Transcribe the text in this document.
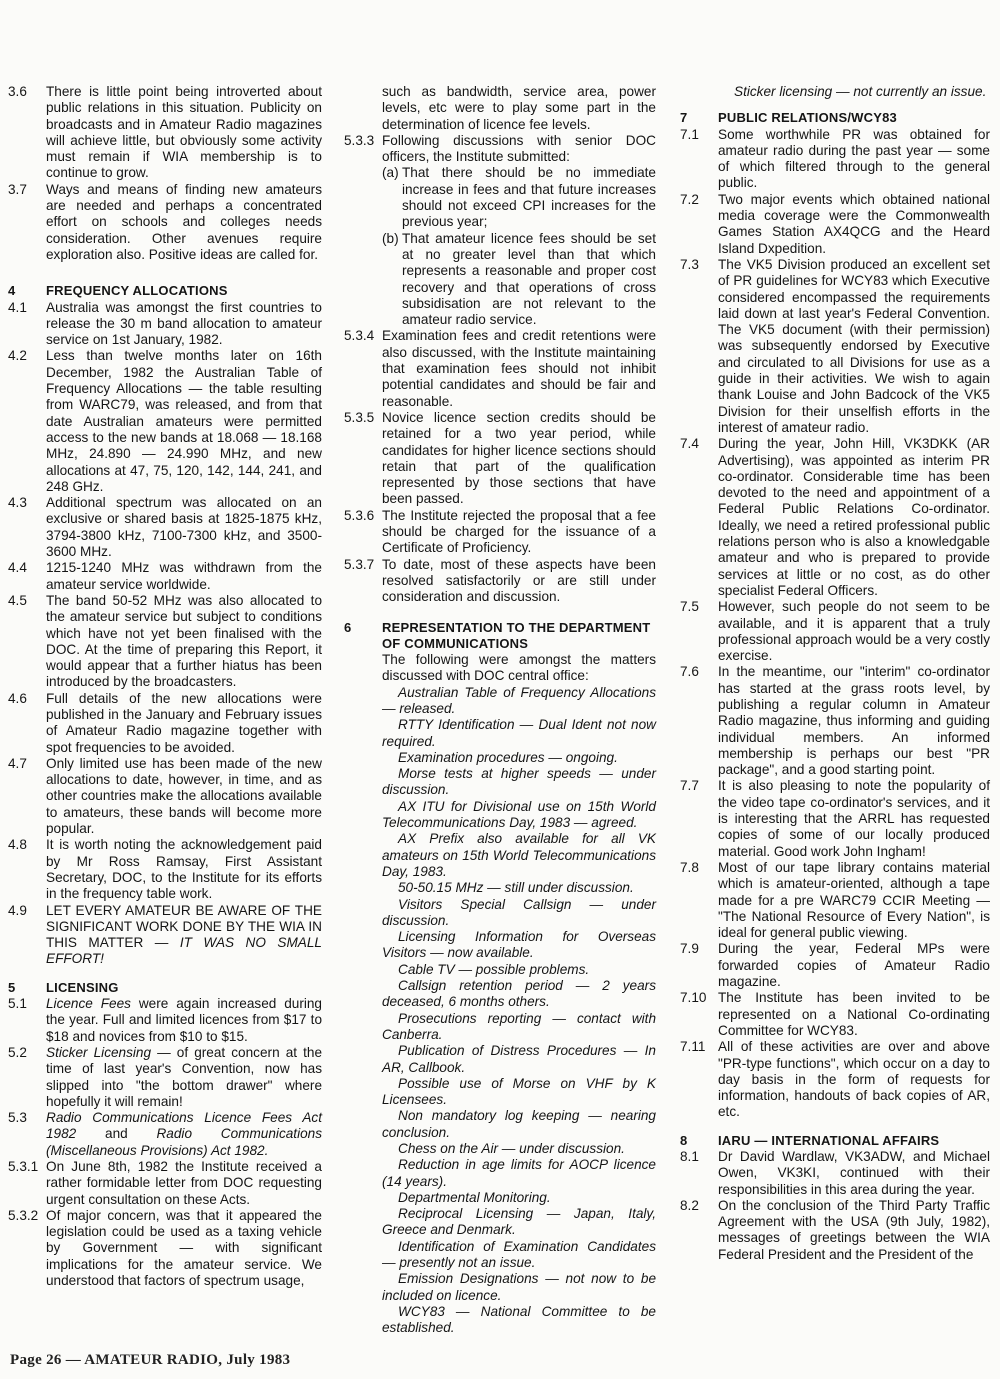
3.6	There is little point being introverted about public relations in this situation. Publicity on broadcasts and in Amateur Radio magazines will achieve little, but obviously some activity must remain if WIA membership is to continue to grow.
3.7	Ways and means of finding new amateurs are needed and perhaps a concentrated effort on schools and colleges needs consideration. Other avenues require exploration also. Positive ideas are called for.
4	FREQUENCY ALLOCATIONS
4.1	Australia was amongst the first countries to release the 30 m band allocation to amateur service on 1st January, 1982.
4.2	Less than twelve months later on 16th December, 1982 the Australian Table of Frequency Allocations — the table resulting from WARC79, was released, and from that date Australian amateurs were permitted access to the new bands at 18.068 — 18.168 MHz, 24.890 — 24.990 MHz, and new allocations at 47, 75, 120, 142, 144, 241, and 248 GHz.
4.3	Additional spectrum was allocated on an exclusive or shared basis at 1825-1875 kHz, 3794-3800 kHz, 7100-7300 kHz, and 3500-3600 MHz.
4.4	1215-1240 MHz was withdrawn from the amateur service worldwide.
4.5	The band 50-52 MHz was also allocated to the amateur service but subject to conditions which have not yet been finalised with the DOC. At the time of preparing this Report, it would appear that a further hiatus has been introduced by the broadcasters.
4.6	Full details of the new allocations were published in the January and February issues of Amateur Radio magazine together with spot frequencies to be avoided.
4.7	Only limited use has been made of the new allocations to date, however, in time, and as other countries make the allocations available to amateurs, these bands will become more popular.
4.8	It is worth noting the acknowledgement paid by Mr Ross Ramsay, First Assistant Secretary, DOC, to the Institute for its efforts in the frequency table work.
4.9	LET EVERY AMATEUR BE AWARE OF THE SIGNIFICANT WORK DONE BY THE WIA IN THIS MATTER — IT WAS NO SMALL EFFORT!
5	LICENSING
5.1	Licence Fees were again increased during the year. Full and limited licences from $17 to $18 and novices from $10 to $15.
5.2	Sticker Licensing — of great concern at the time of last year's Convention, now has slipped into "the bottom drawer" where hopefully it will remain!
5.3	Radio Communications Licence Fees Act 1982 and Radio Communications (Miscellaneous Provisions) Act 1982.
5.3.1 On June 8th, 1982 the Institute received a rather formidable letter from DOC requesting urgent consultation on these Acts.
5.3.2 Of major concern, was that it appeared the legislation could be used as a taxing vehicle by Government — with significant implications for the amateur service. We understood that factors of spectrum usage,
such as bandwidth, service area, power levels, etc were to play some part in the determination of licence fee levels.
5.3.3 Following discussions with senior DOC officers, the Institute submitted:
(a) That there should be no immediate increase in fees and that future increases should not exceed CPI increases for the previous year;
(b) That amateur licence fees should be set at no greater level than that which represents a reasonable and proper cost recovery and that operations of cross subsidisation are not relevant to the amateur radio service.
5.3.4 Examination fees and credit retentions were also discussed, with the Institute maintaining that examination fees should not inhibit potential candidates and should be fair and reasonable.
5.3.5 Novice licence section credits should be retained for a two year period, while candidates for higher licence sections should retain that part of the qualification represented by those sections that have been passed.
5.3.6 The Institute rejected the proposal that a fee should be charged for the issuance of a Certificate of Proficiency.
5.3.7 To date, most of these aspects have been resolved satisfactorily or are still under consideration and discussion.
6	REPRESENTATION TO THE DEPARTMENT OF COMMUNICATIONS
The following were amongst the matters discussed with DOC central office:

Australian Table of Frequency Allocations — released.

RTTY Identification — Dual Ident not now required.

Examination procedures — ongoing.

Morse tests at higher speeds — under discussion.

AX ITU for Divisional use on 15th World Telecommunications Day, 1983 — agreed.

AX Prefix also available for all VK amateurs on 15th World Telecommunications Day, 1983.

50-50.15 MHz — still under discussion.

Visitors Special Callsign — under discussion.

Licensing Information for Overseas Visitors — now available.

Cable TV — possible problems.

Callsign retention period — 2 years deceased, 6 months others.

Prosecutions reporting — contact with Canberra.

Publication of Distress Procedures — In AR, Callbook.

Possible use of Morse on VHF by K Licensees.

Non mandatory log keeping — nearing conclusion.

Chess on the Air — under discussion.

Reduction in age limits for AOCP licence (14 years).

Departmental Monitoring.

Reciprocal Licensing — Japan, Italy, Greece and Denmark.

Identification of Examination Candidates — presently not an issue.

Emission Designations — not now to be included on licence.

WCY83 — National Committee to be established.

Sticker licensing — not currently an issue.
7	PUBLIC RELATIONS/WCY83
7.1	Some worthwhile PR was obtained for amateur radio during the past year — some of which filtered through to the general public.
7.2	Two major events which obtained national media coverage were the Commonwealth Games Station AX4QCG and the Heard Island Dxpedition.
7.3	The VK5 Division produced an excellent set of PR guidelines for WCY83 which Executive considered encompassed the requirements laid down at last year's Federal Convention. The VK5 document (with their permission) was subsequently endorsed by Executive and circulated to all Divisions for use as a guide in their activities. We wish to again thank Louise and John Badcock of the VK5 Division for their unselfish efforts in the interest of amateur radio.
7.4	During the year, John Hill, VK3DKK (AR Advertising), was appointed as interim PR co-ordinator. Considerable time has been devoted to the need and appointment of a Federal Public Relations Co-ordinator. Ideally, we need a retired professional public relations person who is also a knowledgable amateur and who is prepared to provide services at little or no cost, as do other specialist Federal Officers.
7.5	However, such people do not seem to be available, and it is apparent that a truly professional approach would be a very costly exercise.
7.6	In the meantime, our "interim" co-ordinator has started at the grass roots level, by publishing a regular column in Amateur Radio magazine, thus informing and guiding individual members. An informed membership is perhaps our best "PR package", and a good starting point.
7.7	It is also pleasing to note the popularity of the video tape co-ordinator's services, and it is interesting that the ARRL has requested copies of some of our locally produced material. Good work John Ingham!
7.8	Most of our tape library contains material which is amateur-oriented, although a tape made for a pre WARC79 CCIR Meeting — "The National Resource of Every Nation", is ideal for general public viewing.
7.9	During the year, Federal MPs were forwarded copies of Amateur Radio magazine.
7.10 The Institute has been invited to be represented on a National Co-ordinating Committee for WCY83.
7.11 All of these activities are over and above "PR-type functions", which occur on a day to day basis in the form of requests for information, handouts of back copies of AR, etc.
8	IARU — INTERNATIONAL AFFAIRS
8.1	Dr David Wardlaw, VK3ADW, and Michael Owen, VK3KI, continued with their responsibilities in this area during the year.
8.2	On the conclusion of the Third Party Traffic Agreement with the USA (9th July, 1982), messages of greetings between the WIA Federal President and the President of the
Page 26 — AMATEUR RADIO, July 1983
